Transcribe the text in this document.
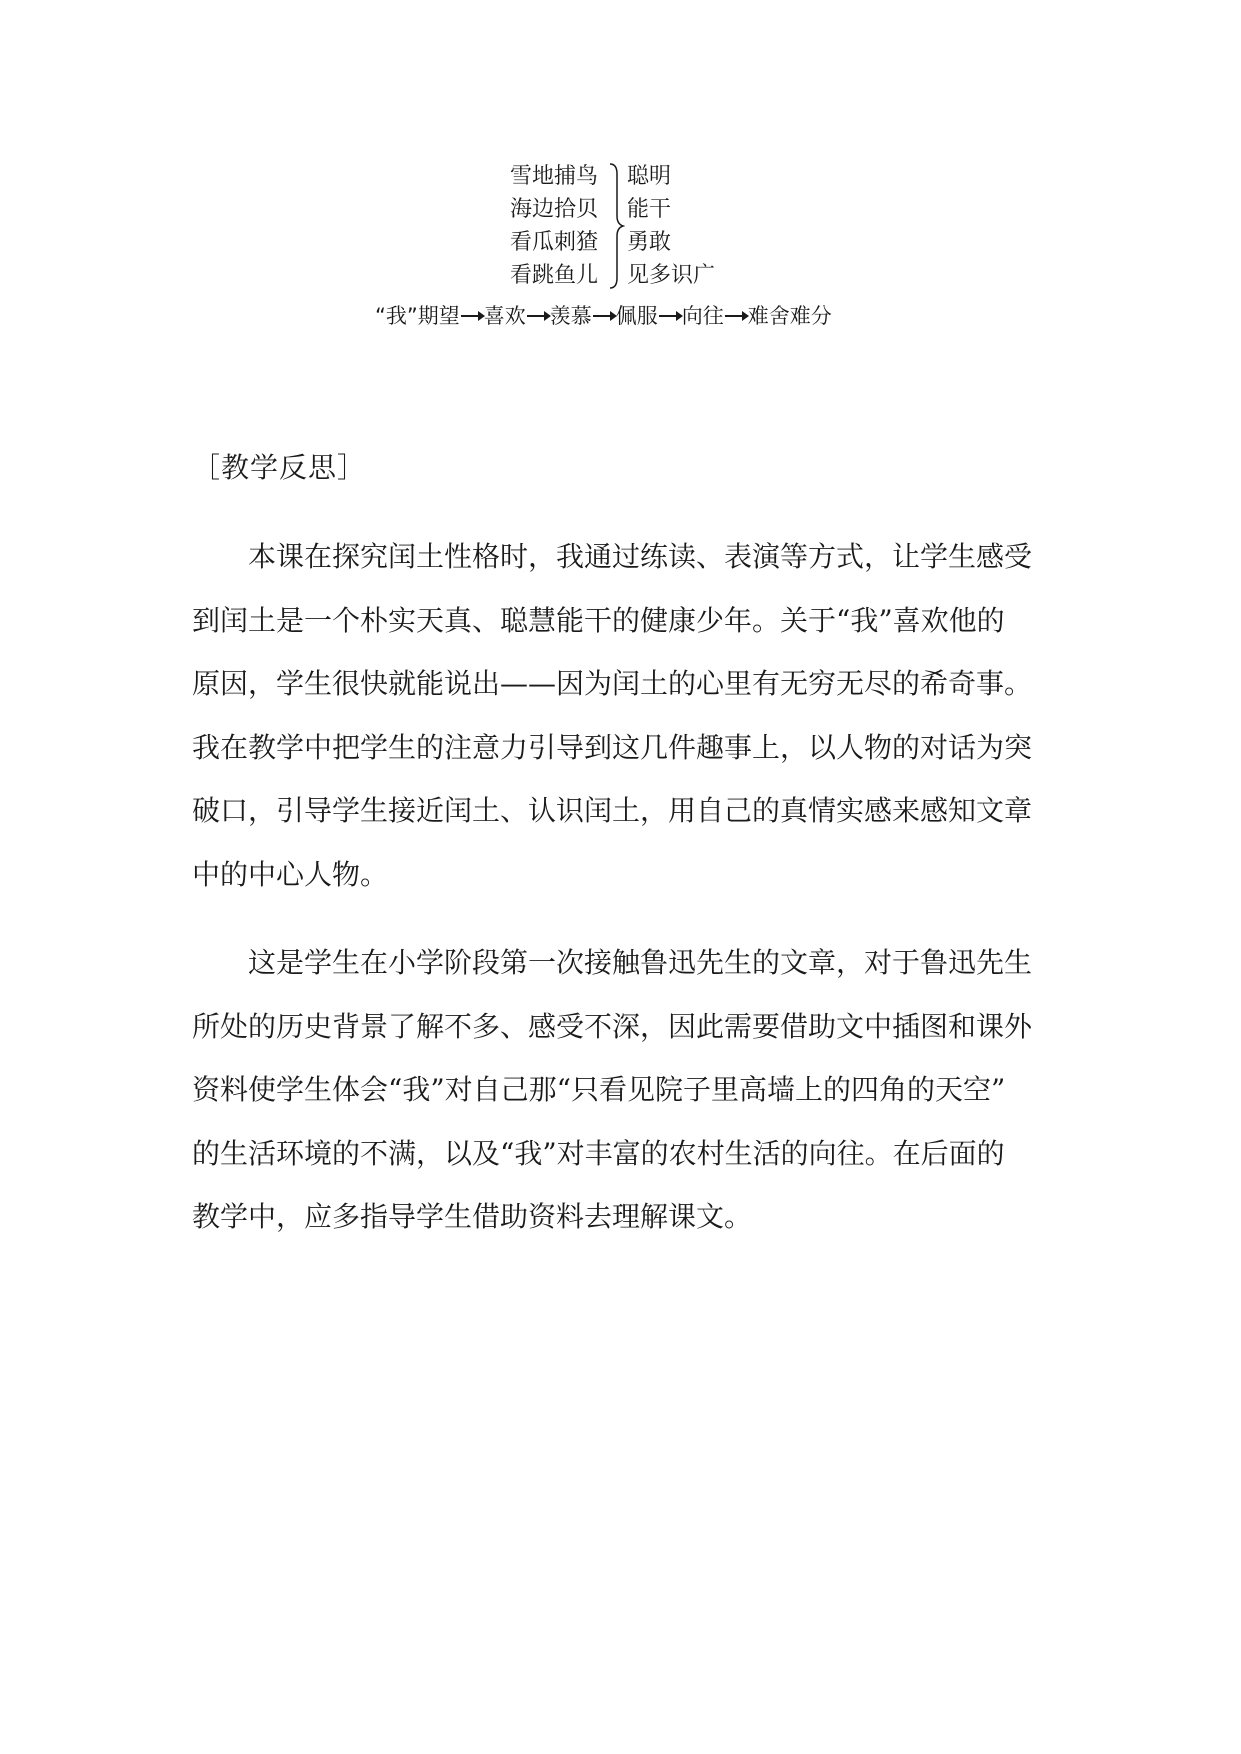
雪地捕鸟
海边拾贝
看瓜刺猹
看跳鱼儿
聪明
能干
勇敢
见多识广
“我”期望 喜欢 羡慕 佩服 向往 难舍难分
［教学反思］
本课在探究闰土性格时，我通过练读、表演等方式，让学生感受
到闰土是一个朴实天真、聪慧能干的健康少年。关于“我”喜欢他的
原因，学生很快就能说出——因为闰土的心里有无穷无尽的希奇事。
我在教学中把学生的注意力引导到这几件趣事上，以人物的对话为突
破口，引导学生接近闰土、认识闰土，用自己的真情实感来感知文章
中的中心人物。
这是学生在小学阶段第一次接触鲁迅先生的文章，对于鲁迅先生
所处的历史背景了解不多、感受不深，因此需要借助文中插图和课外
资料使学生体会“我”对自己那“只看见院子里高墙上的四角的天空”
的生活环境的不满，以及“我”对丰富的农村生活的向往。在后面的
教学中，应多指导学生借助资料去理解课文。
